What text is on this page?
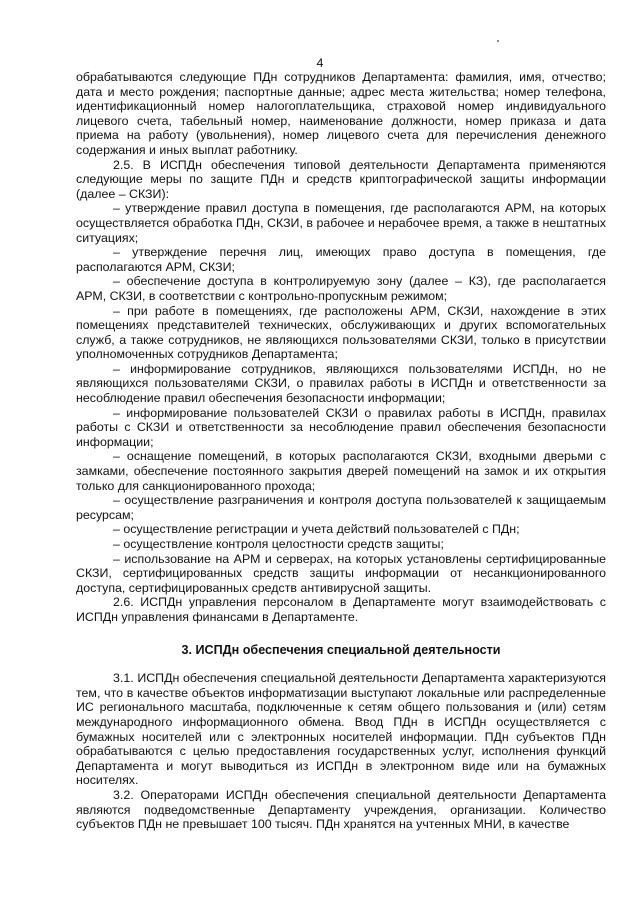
4

обрабатываются следующие ПДн сотрудников Департамента: фамилия, имя, отчество; дата и место рождения; паспортные данные; адрес места жительства; номер телефона, идентификационный номер налогоплательщика, страховой номер индивидуального лицевого счета, табельный номер, наименование должности, номер приказа и дата приема на работу (увольнения), номер лицевого счета для перечисления денежного содержания и иных выплат работнику.

2.5. В ИСПДн обеспечения типовой деятельности Департамента применяются следующие меры по защите ПДн и средств криптографической защиты информации (далее – СКЗИ):

– утверждение правил доступа в помещения, где располагаются АРМ, на которых осуществляется обработка ПДн, СКЗИ, в рабочее и нерабочее время, а также в нештатных ситуациях;

– утверждение перечня лиц, имеющих право доступа в помещения, где располагаются АРМ, СКЗИ;

– обеспечение доступа в контролируемую зону (далее – КЗ), где располагается АРМ, СКЗИ, в соответствии с контрольно-пропускным режимом;

– при работе в помещениях, где расположены АРМ, СКЗИ, нахождение в этих помещениях представителей технических, обслуживающих и других вспомогательных служб, а также сотрудников, не являющихся пользователями СКЗИ, только в присутствии уполномоченных сотрудников Департамента;

– информирование сотрудников, являющихся пользователями ИСПДн, но не являющихся пользователями СКЗИ, о правилах работы в ИСПДн и ответственности за несоблюдение правил обеспечения безопасности информации;

– информирование пользователей СКЗИ о правилах работы в ИСПДн, правилах работы с СКЗИ и ответственности за несоблюдение правил обеспечения безопасности информации;

– оснащение помещений, в которых располагаются СКЗИ, входными дверьми с замками, обеспечение постоянного закрытия дверей помещений на замок и их открытия только для санкционированного прохода;

– осуществление разграничения и контроля доступа пользователей к защищаемым ресурсам;

– осуществление регистрации и учета действий пользователей с ПДн;

– осуществление контроля целостности средств защиты;

– использование на АРМ и серверах, на которых установлены сертифицированные СКЗИ, сертифицированных средств защиты информации от несанкционированного доступа, сертифицированных средств антивирусной защиты.

2.6. ИСПДн управления персоналом в Департаменте могут взаимодействовать с ИСПДн управления финансами в Департаменте.

3. ИСПДн обеспечения специальной деятельности

3.1. ИСПДн обеспечения специальной деятельности Департамента характеризуются тем, что в качестве объектов информатизации выступают локальные или распределенные ИС регионального масштаба, подключенные к сетям общего пользования и (или) сетям международного информационного обмена. Ввод ПДн в ИСПДн осуществляется с бумажных носителей или с электронных носителей информации. ПДн субъектов ПДн обрабатываются с целью предоставления государственных услуг, исполнения функций Департамента и могут выводиться из ИСПДн в электронном виде или на бумажных носителях.

3.2. Операторами ИСПДн обеспечения специальной деятельности Департамента являются подведомственные Департаменту учреждения, организации. Количество субъектов ПДн не превышает 100 тысяч. ПДн хранятся на учтенных МНИ, в качестве
